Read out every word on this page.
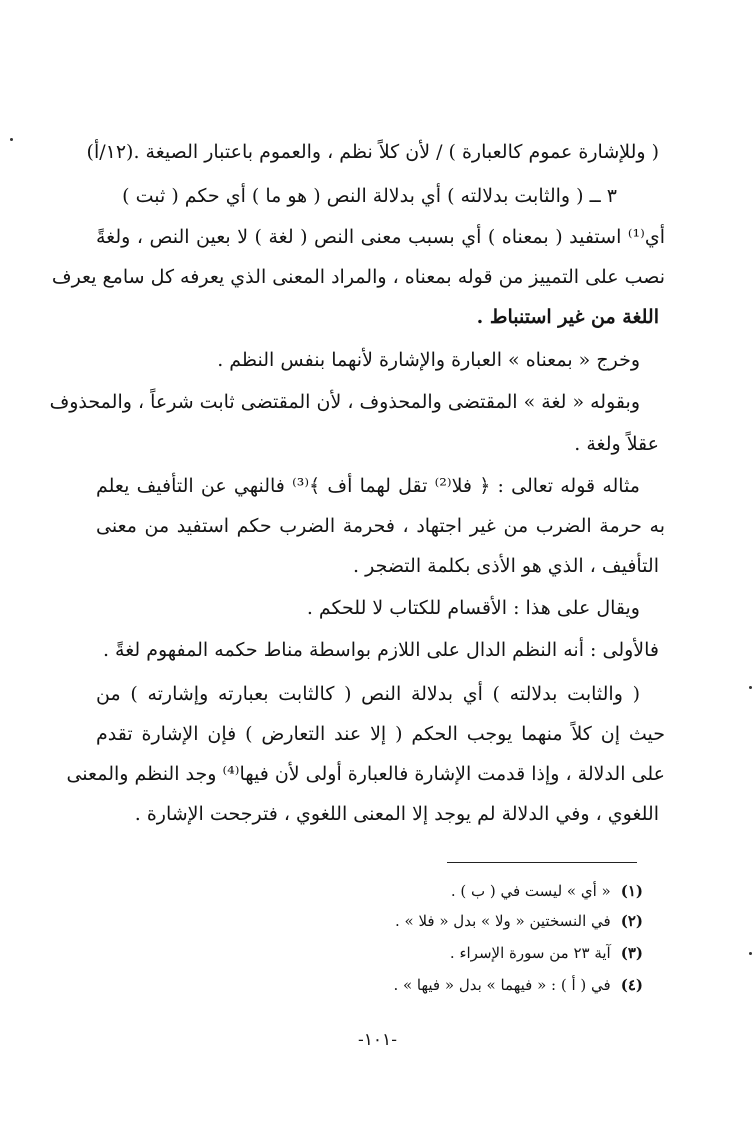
( وللإشارة عموم كالعبارة ) / لأن كلاً نظم ، والعموم باعتبار الصيغة .(١٢/أ)
٣ ــ ( والثابت بدلالته ) أي بدلالة النص ( هو ما ) أي حكم ( ثبت )
أي⁽¹⁾ استفيد ( بمعناه ) أي بسبب معنى النص ( لغة ) لا بعين النص ، ولغةً
نصب على التمييز من قوله بمعناه ، والمراد المعنى الذي يعرفه كل سامع يعرف
اللغة من غير استنباط .
وخرج « بمعناه » العبارة والإشارة لأنهما بنفس النظم .
وبقوله « لغة » المقتضى والمحذوف ، لأن المقتضى ثابت شرعاً ، والمحذوف
عقلاً ولغة .
مثاله قوله تعالى : ﴿ فلا⁽²⁾ تقل لهما أف ﴾⁽³⁾ فالنهي عن التأفيف يعلم
به حرمة الضرب من غير اجتهاد ، فحرمة الضرب حكم استفيد من معنى
التأفيف ، الذي هو الأذى بكلمة التضجر .
ويقال على هذا : الأقسام للكتاب لا للحكم .
فالأولى : أنه النظم الدال على اللازم بواسطة مناط حكمه المفهوم لغةً .
( والثابت بدلالته ) أي بدلالة النص ( كالثابت بعبارته وإشارته ) من
حيث إن كلاً منهما يوجب الحكم ( إلا عند التعارض ) فإن الإشارة تقدم
على الدلالة ، وإذا قدمت الإشارة فالعبارة أولى لأن فيها⁽⁴⁾ وجد النظم والمعنى
اللغوي ، وفي الدلالة لم يوجد إلا المعنى اللغوي ، فترجحت الإشارة .
(١)« أي » ليست في ( ب ) .
(٢)في النسختين « ولا » بدل « فلا » .
(٣)آية ٢٣ من سورة الإسراء .
(٤)في ( أ ) : « فيهما » بدل « فيها » .
-١٠١-
